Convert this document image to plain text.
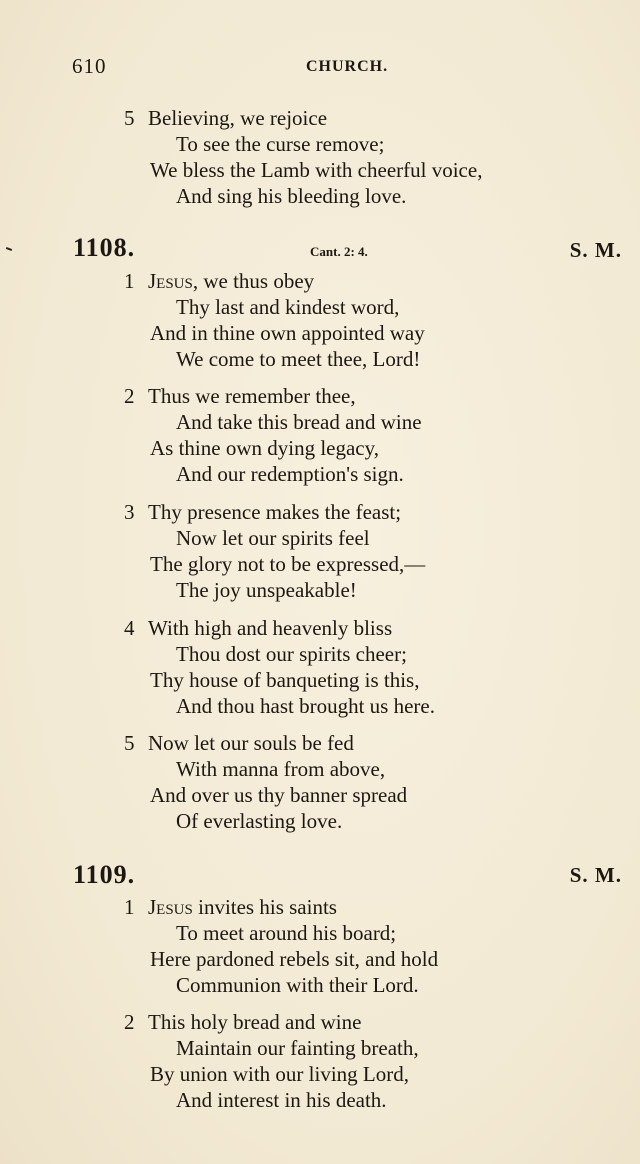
610	CHURCH.
5 Believing, we rejoice
To see the curse remove;
We bless the Lamb with cheerful voice,
And sing his bleeding love.
1108.	Cant. 2: 4.	S. M.
1 Jesus, we thus obey
Thy last and kindest word,
And in thine own appointed way
We come to meet thee, Lord!
2 Thus we remember thee,
And take this bread and wine
As thine own dying legacy,
And our redemption's sign.
3 Thy presence makes the feast;
Now let our spirits feel
The glory not to be expressed,—
The joy unspeakable!
4 With high and heavenly bliss
Thou dost our spirits cheer;
Thy house of banqueting is this,
And thou hast brought us here.
5 Now let our souls be fed
With manna from above,
And over us thy banner spread
Of everlasting love.
1109.	S. M.
1 Jesus invites his saints
To meet around his board;
Here pardoned rebels sit, and hold
Communion with their Lord.
2 This holy bread and wine
Maintain our fainting breath,
By union with our living Lord,
And interest in his death.
